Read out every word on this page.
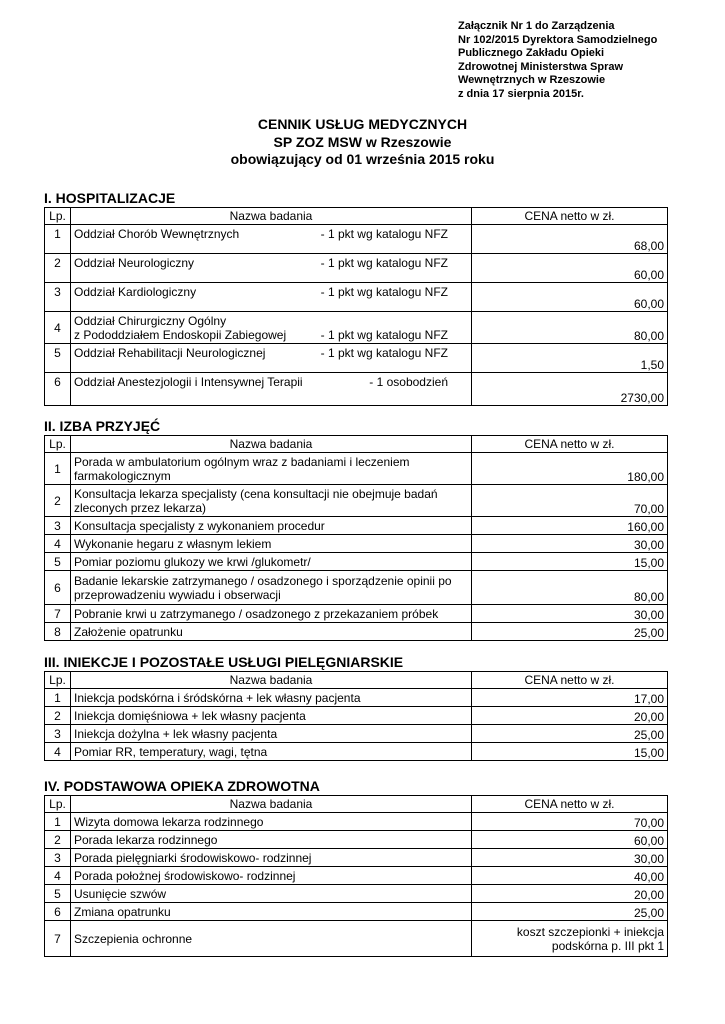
Załącznik Nr 1 do Zarządzenia
Nr 102/2015 Dyrektora Samodzielnego
Publicznego Zakładu Opieki
Zdrowotnej Ministerstwa Spraw
Wewnętrznych w Rzeszowie
z dnia 17 sierpnia 2015r.
CENNIK USŁUG MEDYCZNYCH
SP ZOZ MSW w Rzeszowie
obowiązujący od 01 września 2015 roku
I. HOSPITALIZACJE
Lp.	Nazwa badania	CENA netto w zł.
1	Oddział Chorób Wewnętrznych - 1 pkt wg katalogu NFZ	68,00
2	Oddział Neurologiczny - 1 pkt wg katalogu NFZ	60,00
3	Oddział Kardiologiczny - 1 pkt wg katalogu NFZ	60,00
4	Oddział Chirurgiczny Ogólny
z Pododdziałem Endoskopii Zabiegowej - 1 pkt wg katalogu NFZ	80,00
5	Oddział Rehabilitacji Neurologicznej - 1 pkt wg katalogu NFZ	1,50
6	Oddział Anestezjologii i Intensywnej Terapii - 1 osobodzień	2730,00
II. IZBA PRZYJĘĆ
Lp.	Nazwa badania	CENA netto w zł.
1	Porada w ambulatorium ogólnym wraz z badaniami i leczeniem farmakologicznym	180,00
2	Konsultacja lekarza specjalisty (cena konsultacji nie obejmuje badań zleconych przez lekarza)	70,00
3	Konsultacja specjalisty z wykonaniem procedur	160,00
4	Wykonanie hegaru z własnym lekiem	30,00
5	Pomiar poziomu glukozy we krwi /glukometr/	15,00
6	Badanie lekarskie zatrzymanego / osadzonego i sporządzenie opinii po przeprowadzeniu wywiadu i obserwacji	80,00
7	Pobranie krwi u zatrzymanego / osadzonego z przekazaniem próbek	30,00
8	Założenie opatrunku	25,00
III. INIEKCJE I POZOSTAŁE USŁUGI PIELĘGNIARSKIE
Lp.	Nazwa badania	CENA netto w zł.
1	Iniekcja podskórna i śródskórna + lek własny pacjenta	17,00
2	Iniekcja domięśniowa + lek własny pacjenta	20,00
3	Iniekcja dożylna + lek własny pacjenta	25,00
4	Pomiar RR, temperatury, wagi, tętna	15,00
IV. PODSTAWOWA OPIEKA ZDROWOTNA
Lp.	Nazwa badania	CENA netto w zł.
1	Wizyta domowa lekarza rodzinnego	70,00
2	Porada lekarza rodzinnego	60,00
3	Porada pielęgniarki środowiskowo- rodzinnej	30,00
4	Porada położnej środowiskowo- rodzinnej	40,00
5	Usunięcie szwów	20,00
6	Zmiana opatrunku	25,00
7	Szczepienia ochronne	koszt szczepionki + iniekcja podskórna p. III pkt 1
